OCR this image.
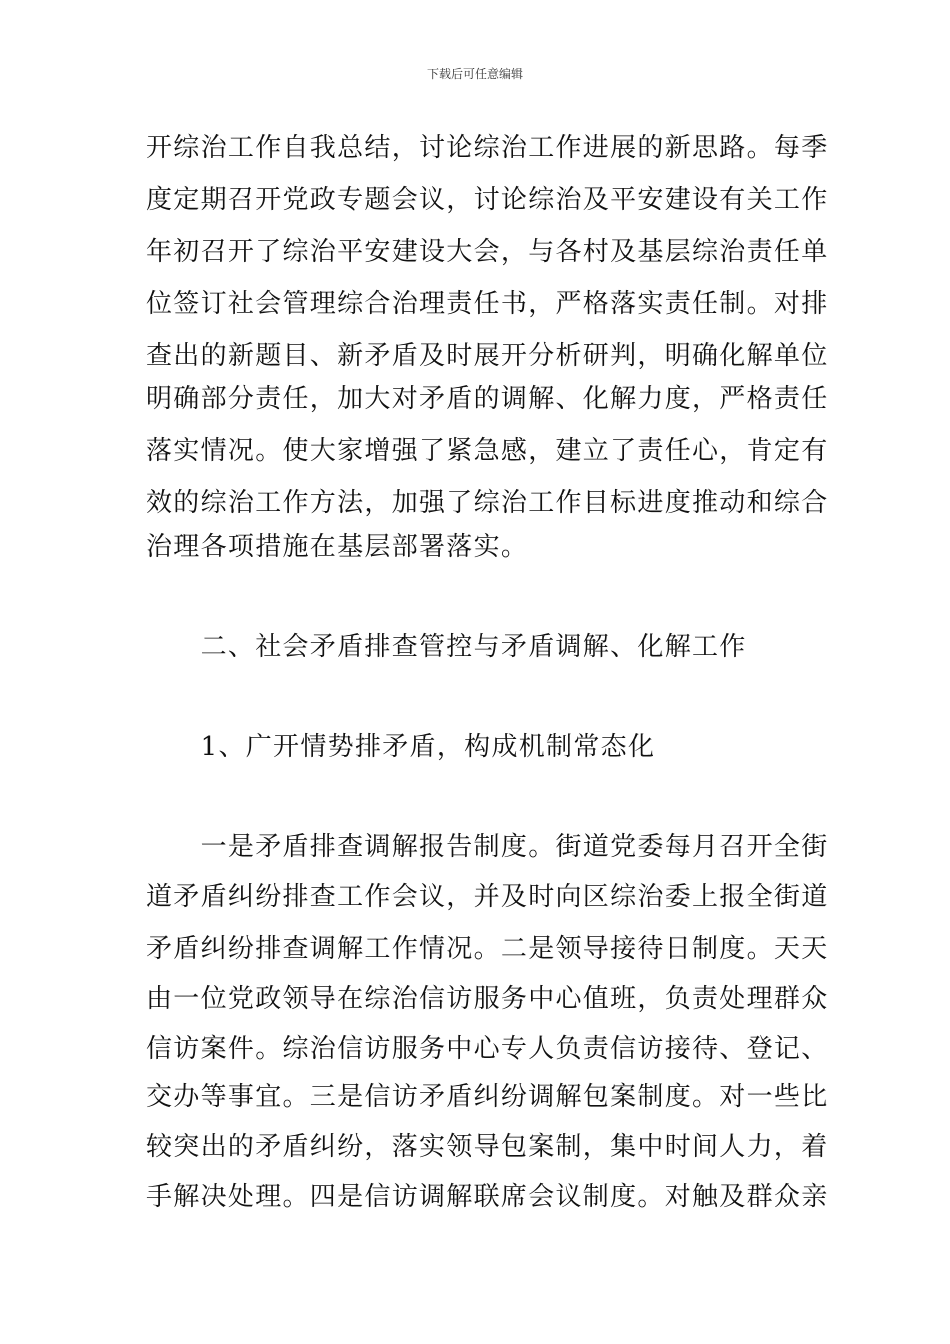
下载后可任意编辑
开综治工作自我总结，讨论综治工作进展的新思路。每季
度定期召开党政专题会议，讨论综治及平安建设有关工作
年初召开了综治平安建设大会，与各村及基层综治责任单
位签订社会管理综合治理责任书，严格落实责任制。对排
查出的新题目、新矛盾及时展开分析研判，明确化解单位
明确部分责任，加大对矛盾的调解、化解力度，严格责任
落实情况。使大家增强了紧急感，建立了责任心，肯定有
效的综治工作方法，加强了综治工作目标进度推动和综合
治理各项措施在基层部署落实。
　　二、社会矛盾排查管控与矛盾调解、化解工作
　　1、广开情势排矛盾，构成机制常态化
　　一是矛盾排查调解报告制度。街道党委每月召开全街
道矛盾纠纷排查工作会议，并及时向区综治委上报全街道
矛盾纠纷排查调解工作情况。二是领导接待日制度。天天
由一位党政领导在综治信访服务中心值班，负责处理群众
信访案件。综治信访服务中心专人负责信访接待、登记、
交办等事宜。三是信访矛盾纠纷调解包案制度。对一些比
较突出的矛盾纠纷，落实领导包案制，集中时间人力，着
手解决处理。四是信访调解联席会议制度。对触及群众亲
